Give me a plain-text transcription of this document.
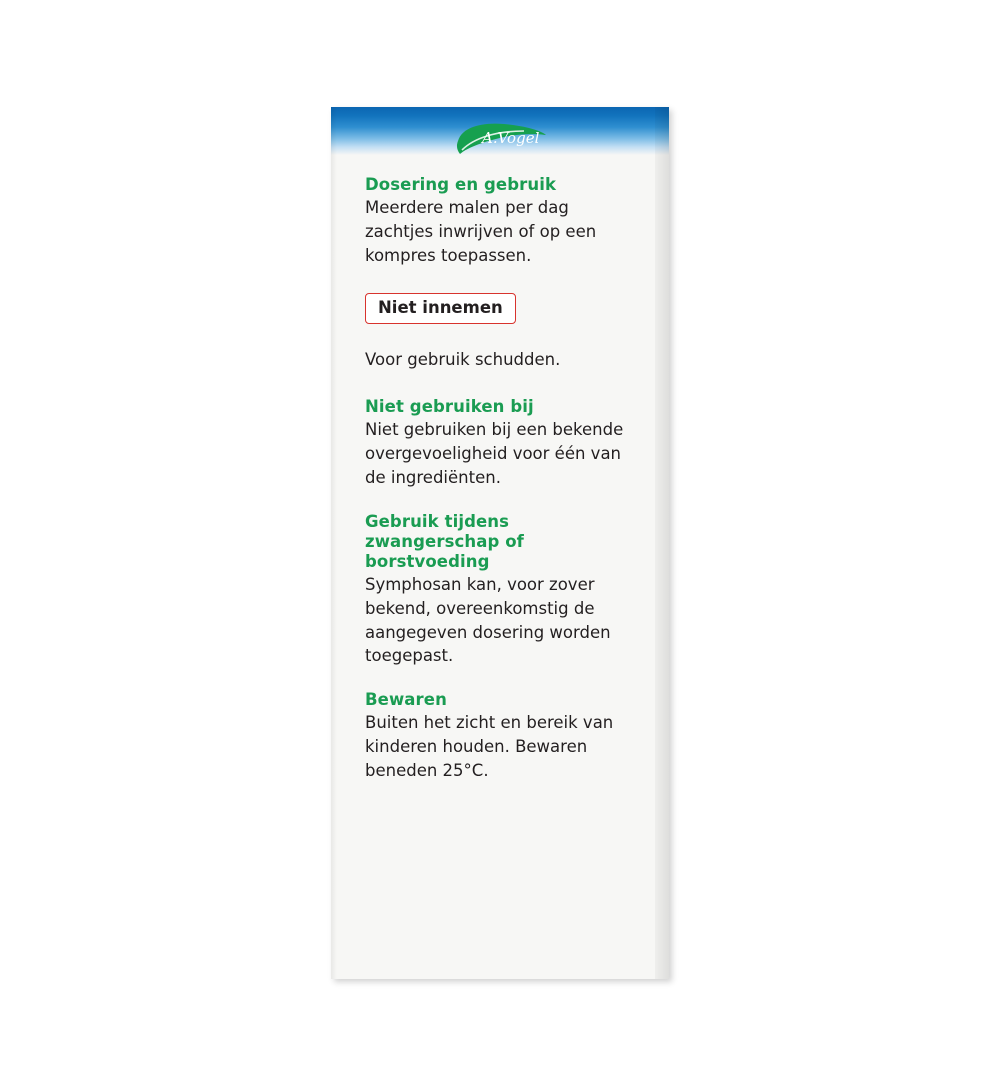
A.Vogel
Dosering en gebruik

Meerdere malen per dag zachtjes inwrijven of op een kompres toepassen.

Niet innemen

Voor gebruik schudden.

Niet gebruiken bij

Niet gebruiken bij een bekende overgevoeligheid voor één van de ingrediënten.

Gebruik tijdens zwangerschap of borstvoeding

Symphosan kan, voor zover bekend, overeenkomstig de aangegeven dosering worden toegepast.

Bewaren

Buiten het zicht en bereik van kinderen houden. Bewaren beneden 25°C.
